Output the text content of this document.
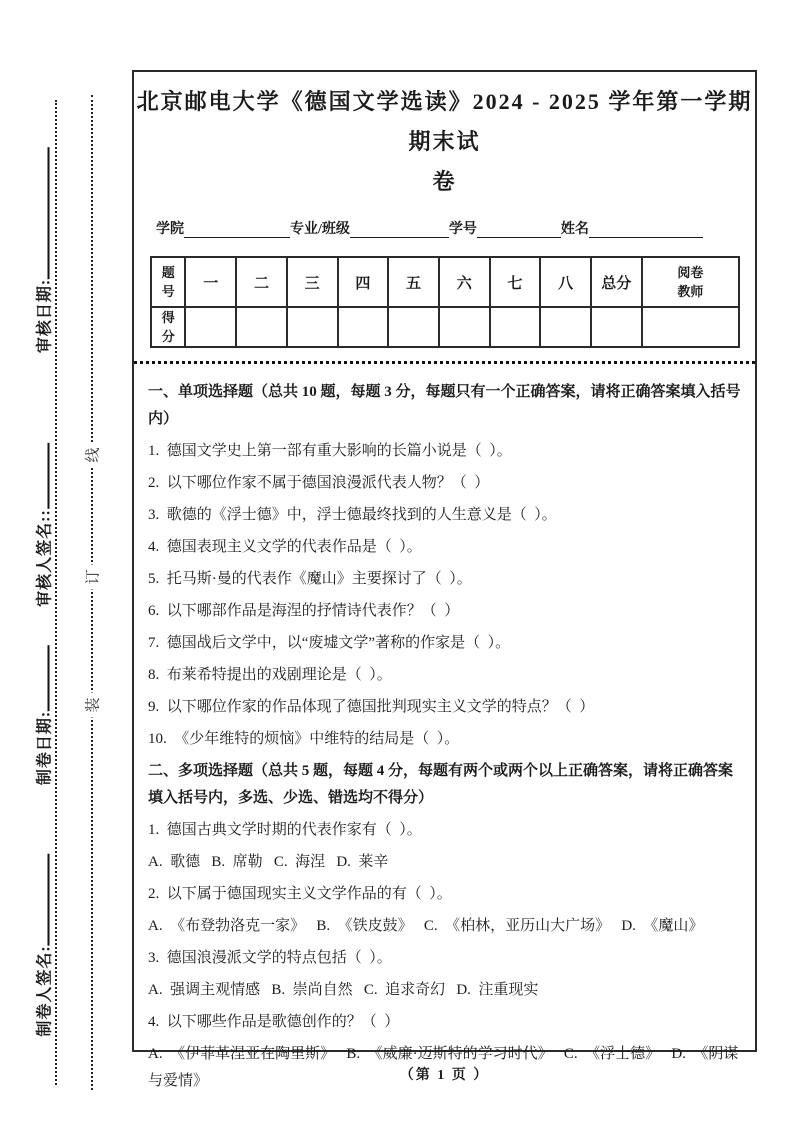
审核日期:
审核人签名::
制卷日期:
制卷人签名:
线
订
装
北京邮电大学《德国文学选读》2024 - 2025 学年第一学期期末试
卷
学院	专业/班级	学号	姓名
题号	一	二	三	四	五	六	七	八	总分	阅卷教师

得分										

一、单项选择题（总共 10 题，每题 3 分，每题只有一个正确答案，请将正确答案填入括号内）
1.  德国文学史上第一部有重大影响的长篇小说是（  ）。
2.  以下哪位作家不属于德国浪漫派代表人物？（  ）
3.  歌德的《浮士德》中，浮士德最终找到的人生意义是（  ）。
4.  德国表现主义文学的代表作品是（  ）。
5.  托马斯·曼的代表作《魔山》主要探讨了（  ）。
6.  以下哪部作品是海涅的抒情诗代表作？（  ）
7.  德国战后文学中，以“废墟文学”著称的作家是（  ）。
8.  布莱希特提出的戏剧理论是（  ）。
9.  以下哪位作家的作品体现了德国批判现实主义文学的特点？（  ）
10.  《少年维特的烦恼》中维特的结局是（  ）。
二、多项选择题（总共 5 题，每题 4 分，每题有两个或两个以上正确答案，请将正确答案填入括号内，多选、少选、错选均不得分）
1.  德国古典文学时期的代表作家有（  ）。
A.  歌德   B.  席勒   C.  海涅   D.  莱辛
2.  以下属于德国现实主义文学作品的有（  ）。
A.  《布登勃洛克一家》   B.  《铁皮鼓》   C.  《柏林，亚历山大广场》   D.  《魔山》
3.  德国浪漫派文学的特点包括（  ）。
A.  强调主观情感   B.  崇尚自然   C.  追求奇幻   D.  注重现实
4.  以下哪些作品是歌德创作的？（  ）
A.  《伊菲革涅亚在陶里斯》   B.  《威廉·迈斯特的学习时代》   C.  《浮士德》   D.  《阴谋与爱情》	（第 1 页 ）
